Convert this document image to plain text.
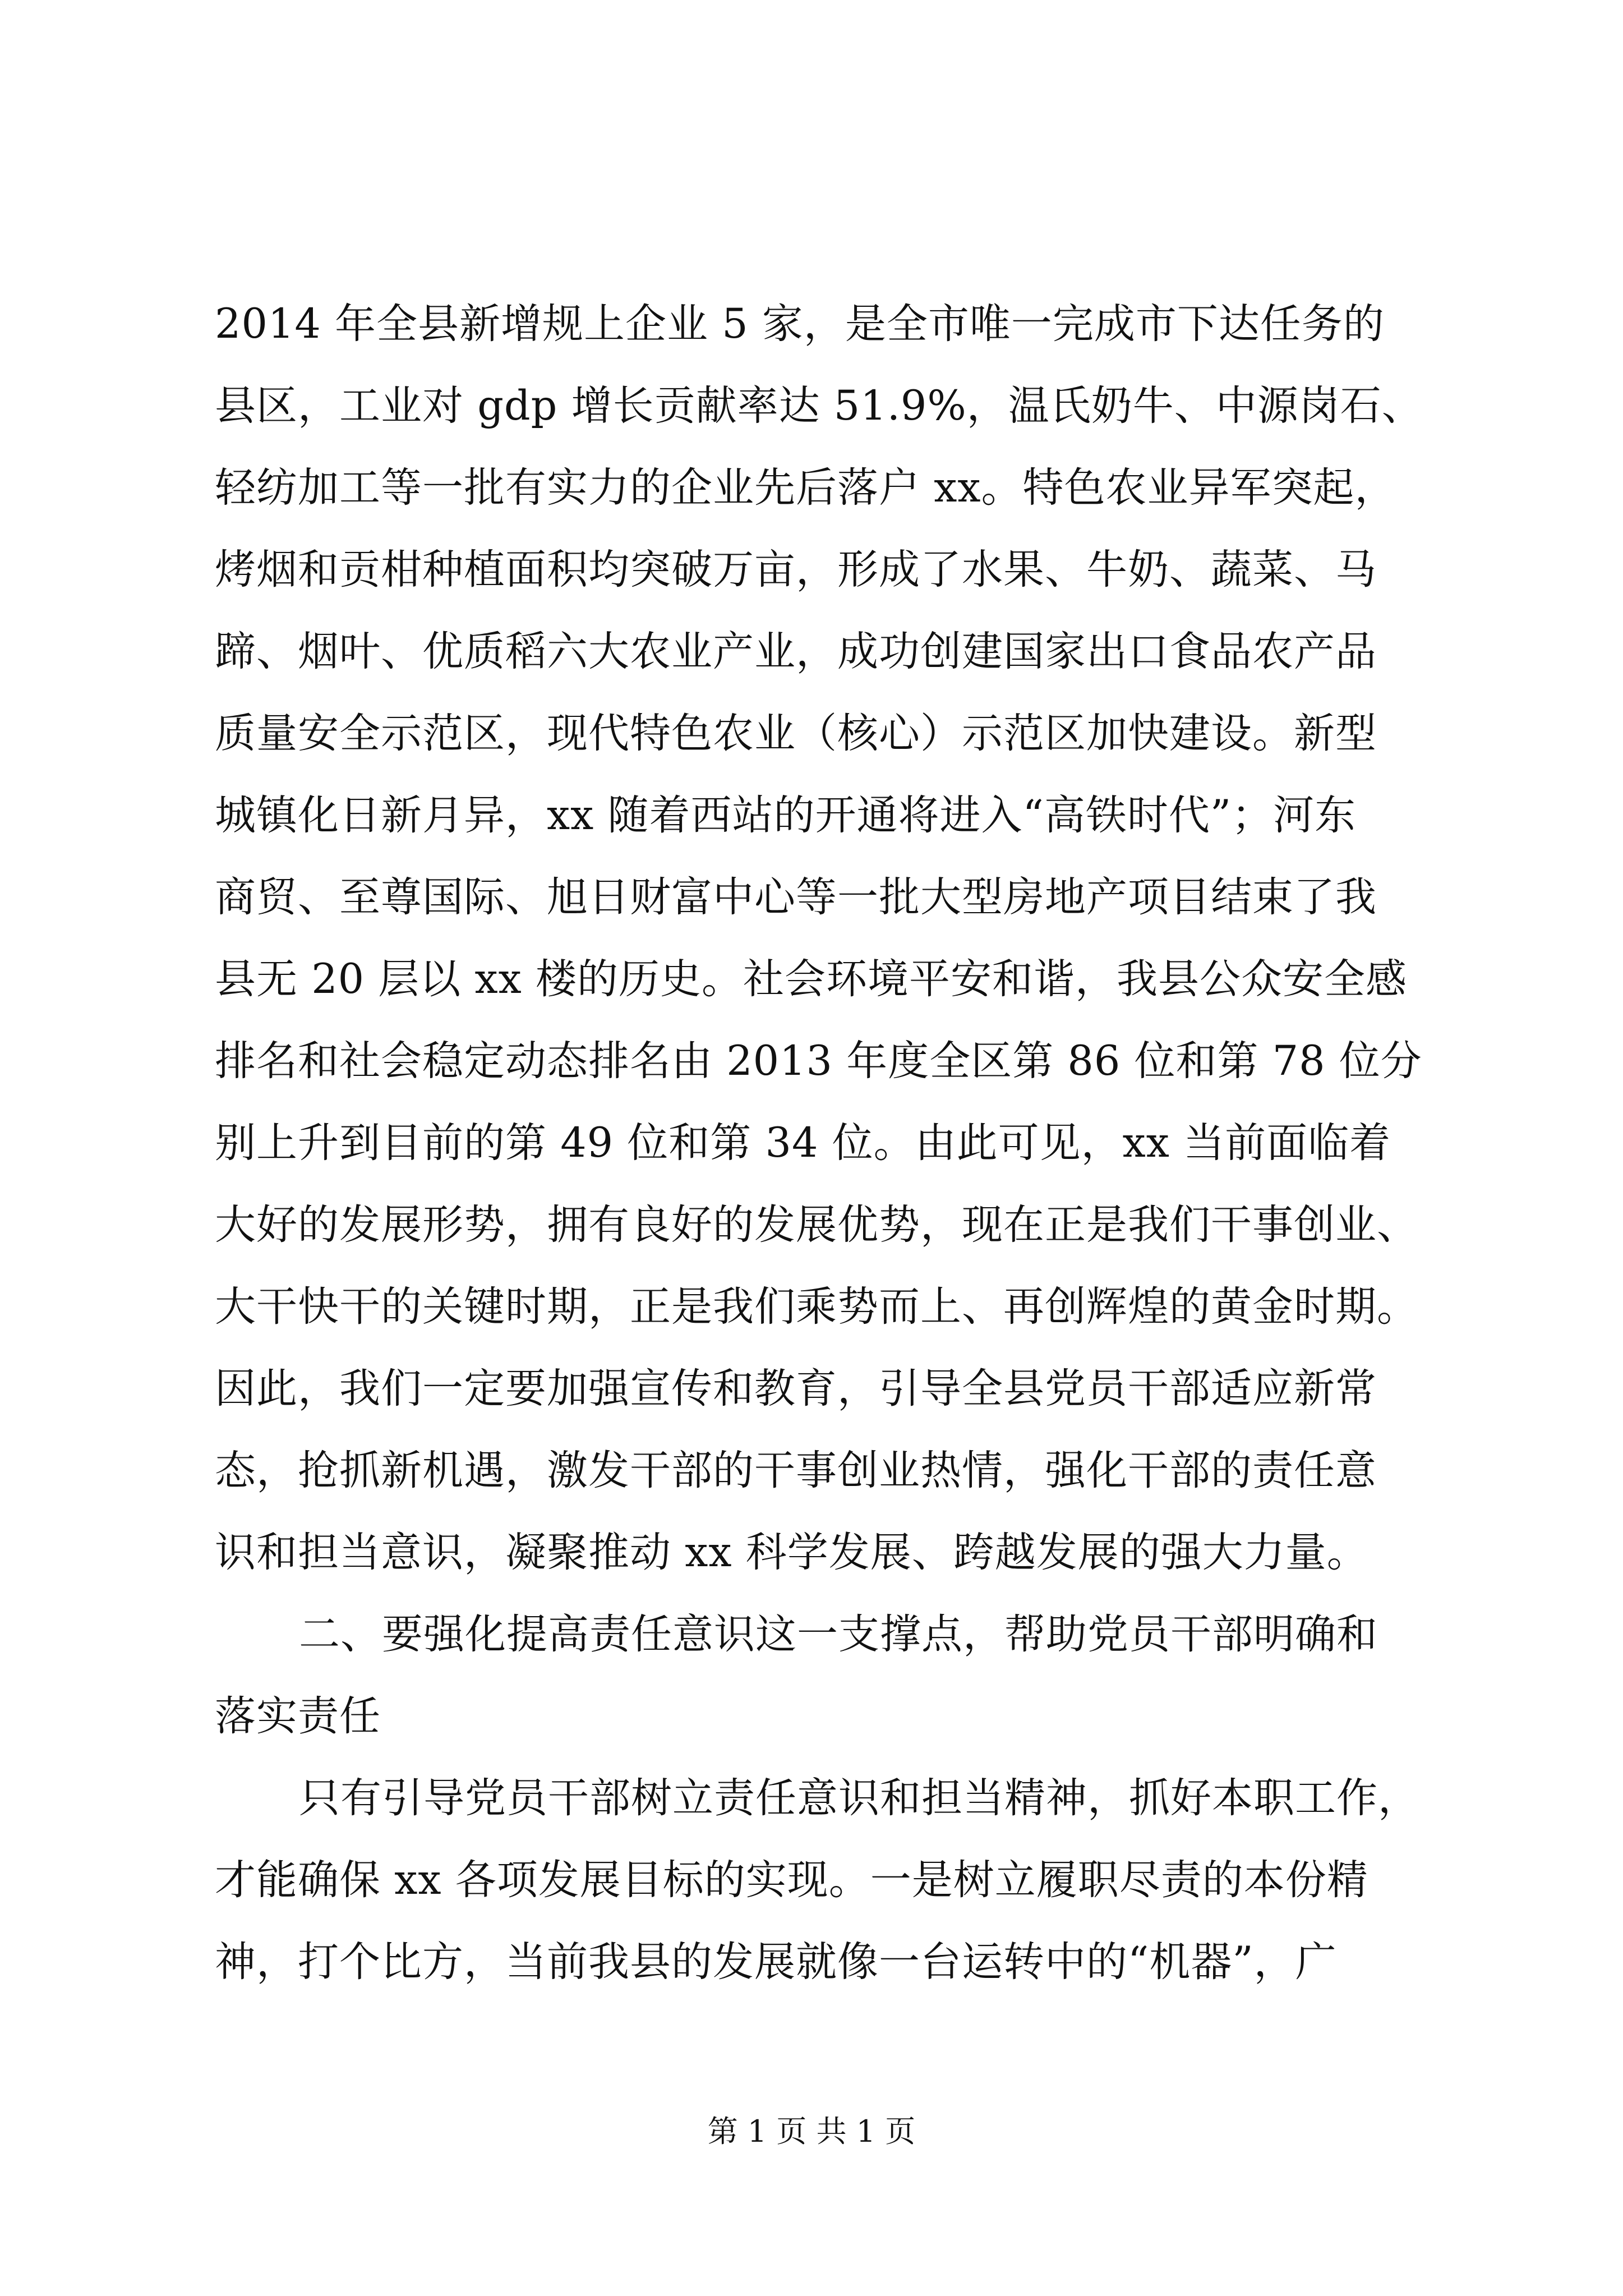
2014 年全县新增规上企业 5 家，是全市唯一完成市下达任务的
县区，工业对 gdp 增长贡献率达 51.9%，温氏奶牛、中源岗石、
轻纺加工等一批有实力的企业先后落户 xx。特色农业异军突起，
烤烟和贡柑种植面积均突破万亩，形成了水果、牛奶、蔬菜、马
蹄、烟叶、优质稻六大农业产业，成功创建国家出口食品农产品
质量安全示范区，现代特色农业（核心）示范区加快建设。新型
城镇化日新月异，xx 随着西站的开通将进入“高铁时代”；河东
商贸、至尊国际、旭日财富中心等一批大型房地产项目结束了我
县无 20 层以 xx 楼的历史。社会环境平安和谐，我县公众安全感
排名和社会稳定动态排名由 2013 年度全区第 86 位和第 78 位分
别上升到目前的第 49 位和第 34 位。由此可见，xx 当前面临着
大好的发展形势，拥有良好的发展优势，现在正是我们干事创业、
大干快干的关键时期，正是我们乘势而上、再创辉煌的黄金时期。
因此，我们一定要加强宣传和教育，引导全县党员干部适应新常
态，抢抓新机遇，激发干部的干事创业热情，强化干部的责任意
识和担当意识，凝聚推动 xx 科学发展、跨越发展的强大力量。
二、要强化提高责任意识这一支撑点，帮助党员干部明确和
落实责任
只有引导党员干部树立责任意识和担当精神，抓好本职工作，
才能确保 xx 各项发展目标的实现。一是树立履职尽责的本份精
神，打个比方，当前我县的发展就像一台运转中的“机器”，广
第 1 页 共 1 页
